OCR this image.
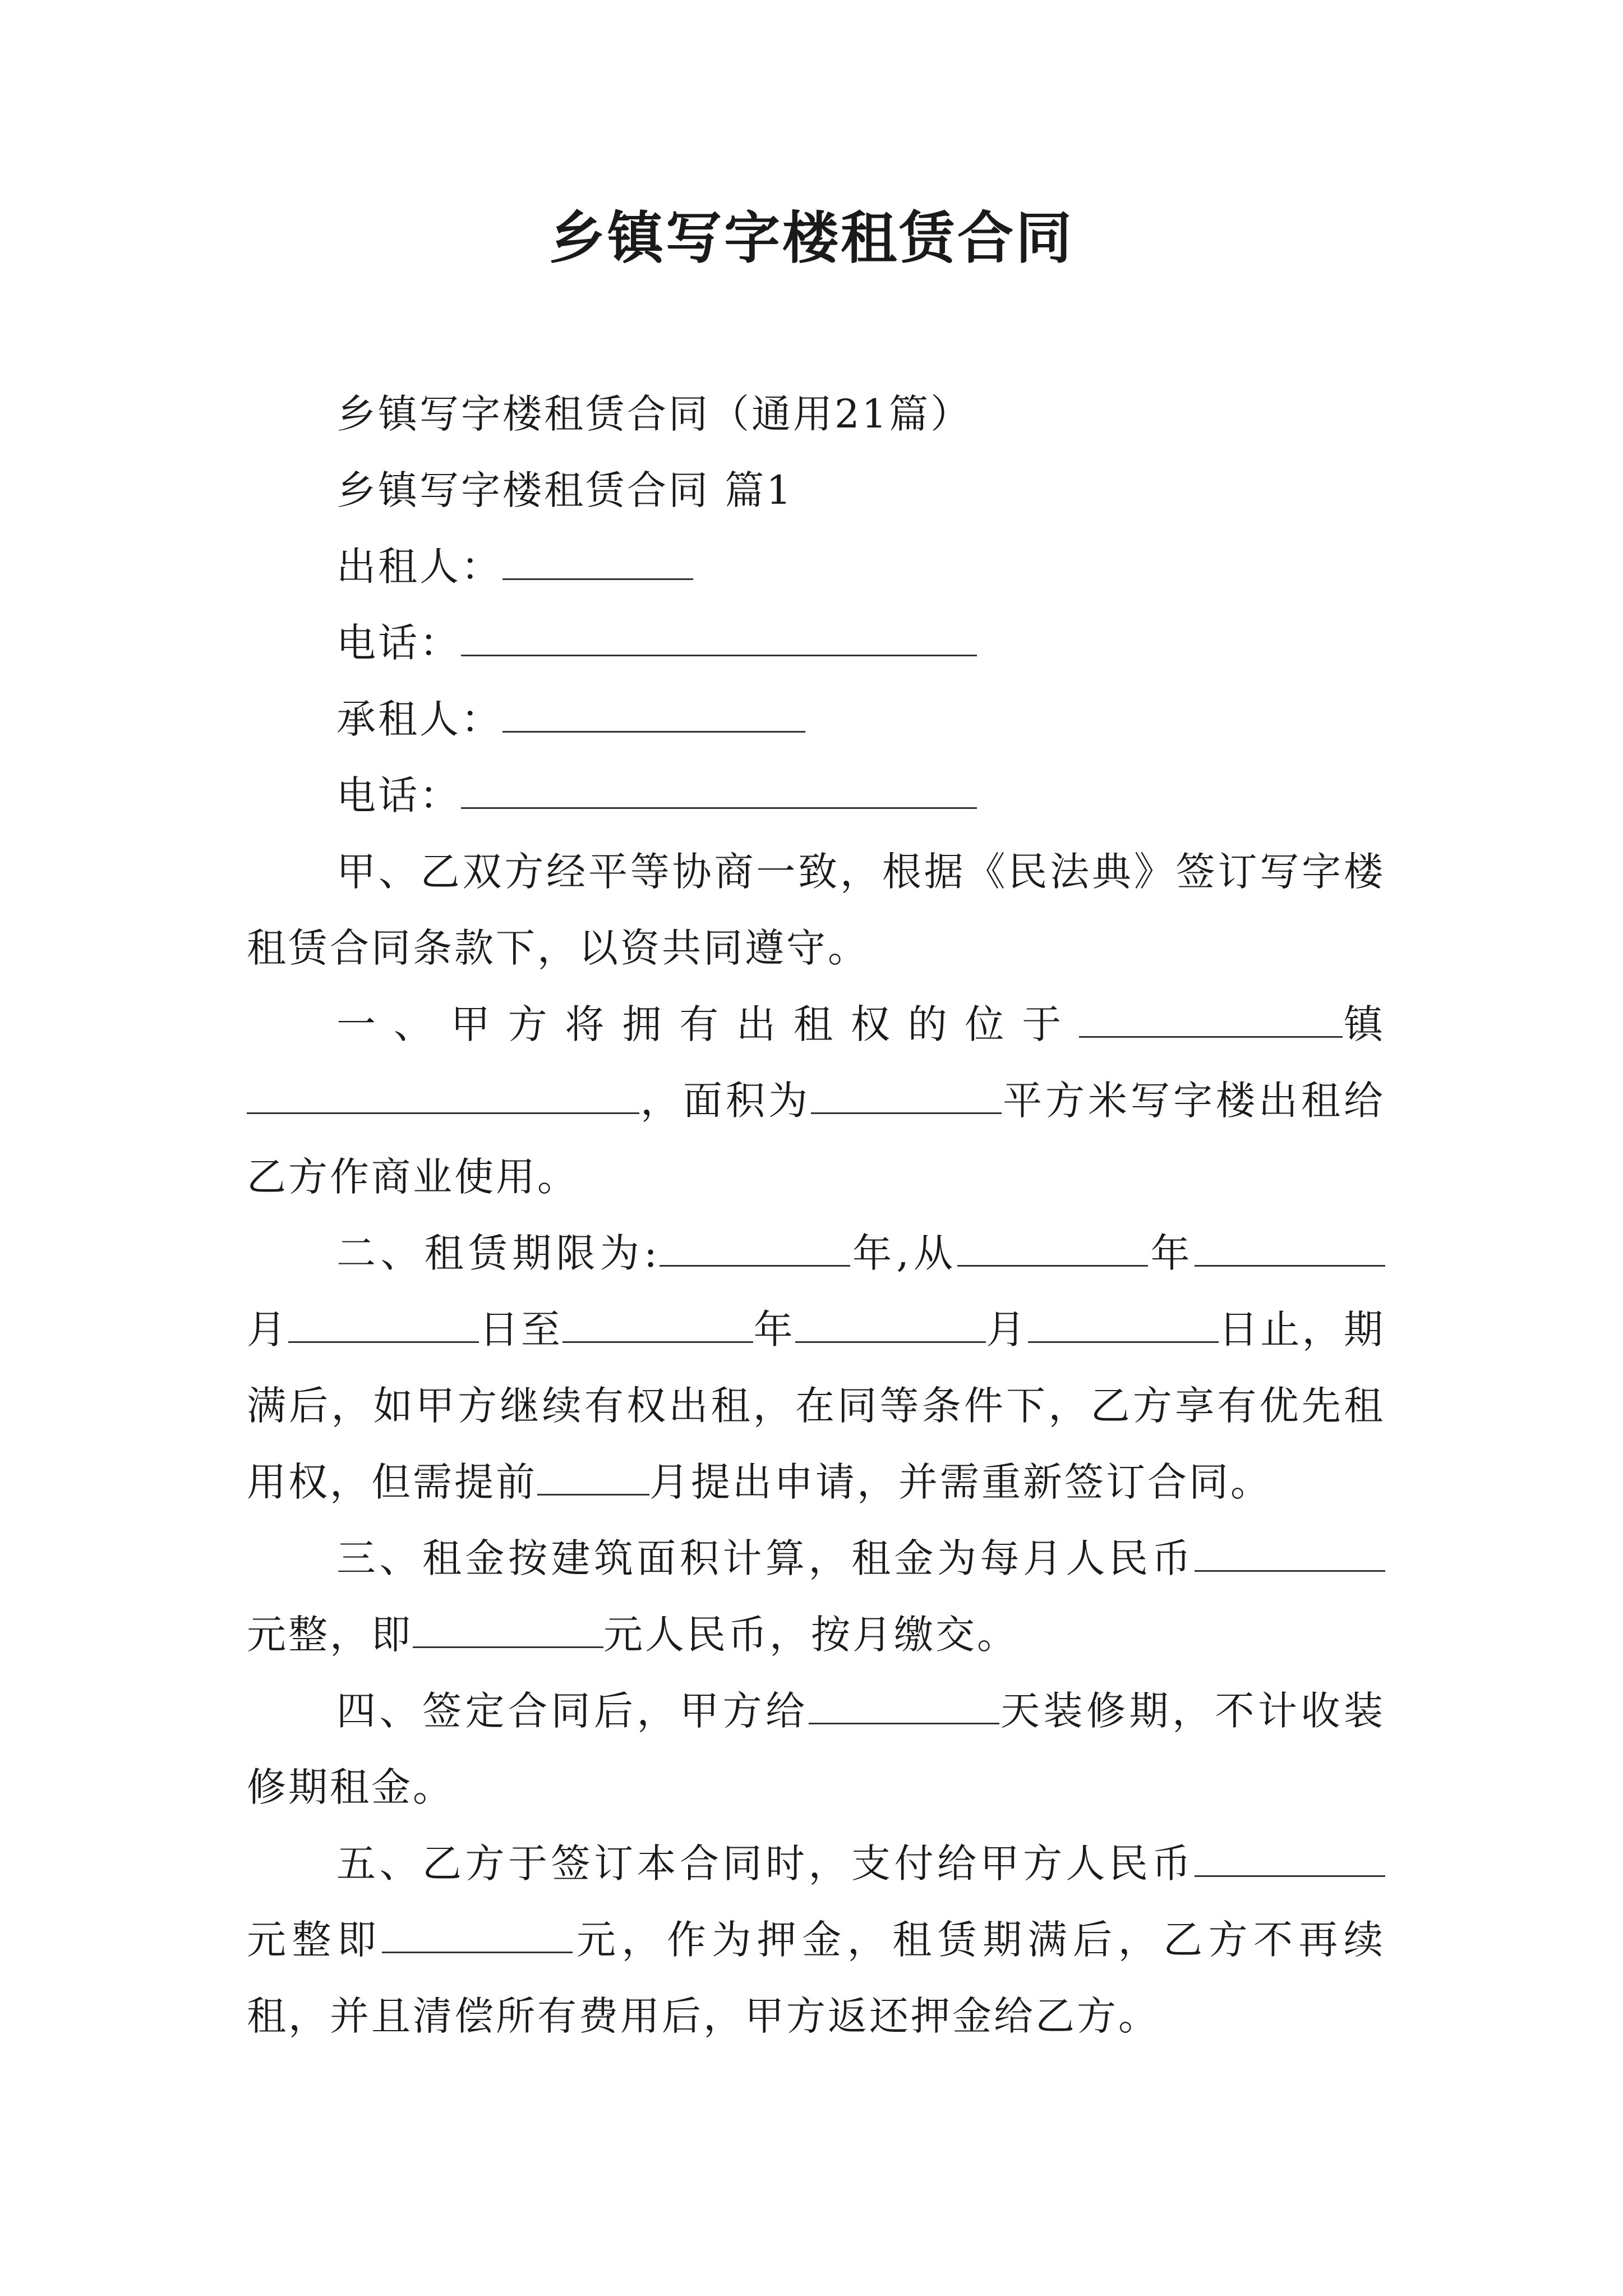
乡镇写字楼租赁合同

乡镇写字楼租赁合同（通用21篇）

乡镇写字楼租赁合同 篇1

出租人：

电话：

承租人：

电话：

甲、乙双方经平等协商一致，根据《民法典》签订写字楼租赁合同条款下，以资共同遵守。

一、甲方将拥有出租权的位于	镇，面积为	平方米写字楼出租给乙方作商业使用。

二、租赁期限为:	年,从	年月	日至	年	月	日止，期满后，如甲方继续有权出租，在同等条件下，乙方享有优先租用权，但需提前	月提出申请，并需重新签订合同。

三、租金按建筑面积计算，租金为每月人民币元整，即	元人民币，按月缴交。

四、签定合同后，甲方给	天装修期，不计收装修期租金。

五、乙方于签订本合同时，支付给甲方人民币元整即	元，作为押金，租赁期满后，乙方不再续租，并且清偿所有费用后，甲方返还押金给乙方。
